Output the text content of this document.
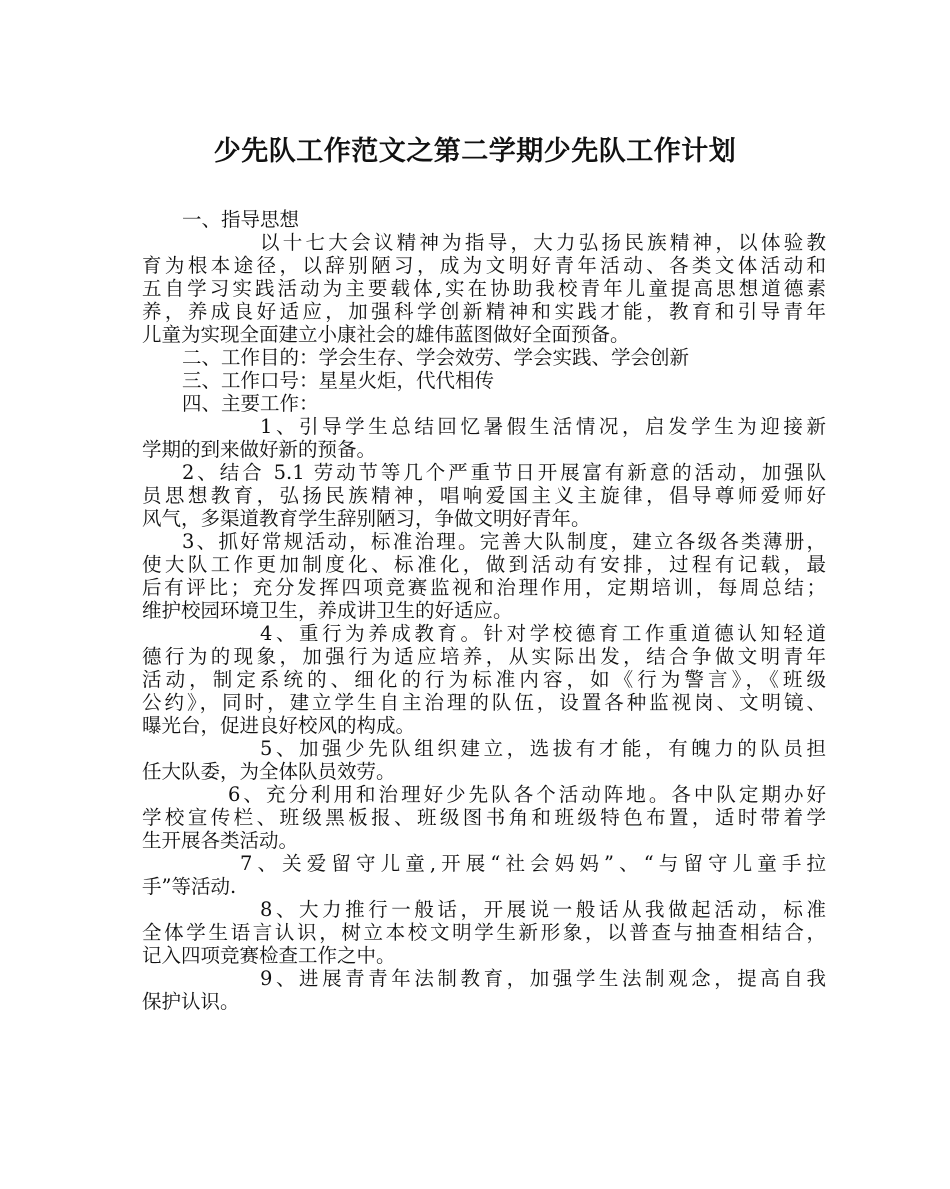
少先队工作范文之第二学期少先队工作计划
一、指导思想
以十七大会议精神为指导，大力弘扬民族精神，以体验教
育为根本途径，以辞别陋习，成为文明好青年活动、各类文体活动和
五自学习实践活动为主要载体,实在协助我校青年儿童提高思想道德素
养，养成良好适应，加强科学创新精神和实践才能，教育和引导青年
儿童为实现全面建立小康社会的雄伟蓝图做好全面预备。
二、工作目的：学会生存、学会效劳、学会实践、学会创新
三、工作口号：星星火炬，代代相传
四、主要工作：
1、引导学生总结回忆暑假生活情况，启发学生为迎接新
学期的到来做好新的预备。
2、结合 5.1 劳动节等几个严重节日开展富有新意的活动，加强队
员思想教育，弘扬民族精神，唱响爱国主义主旋律，倡导尊师爱师好
风气，多渠道教育学生辞别陋习，争做文明好青年。
3、抓好常规活动，标准治理。完善大队制度，建立各级各类薄册，
使大队工作更加制度化、标准化，做到活动有安排，过程有记载，最
后有评比；充分发挥四项竞赛监视和治理作用，定期培训，每周总结；
维护校园环境卫生，养成讲卫生的好适应。
4、重行为养成教育。针对学校德育工作重道德认知轻道
德行为的现象，加强行为适应培养，从实际出发，结合争做文明青年
活动，制定系统的、细化的行为标准内容，如《行为警言》，《班级
公约》，同时，建立学生自主治理的队伍，设置各种监视岗、文明镜、
曝光台，促进良好校风的构成。
5、加强少先队组织建立，选拔有才能，有魄力的队员担
任大队委，为全体队员效劳。
6、充分利用和治理好少先队各个活动阵地。各中队定期办好
学校宣传栏、班级黑板报、班级图书角和班级特色布置，适时带着学
生开展各类活动。
7、关爱留守儿童,开展“社会妈妈”、“与留守儿童手拉
手”等活动.
8、大力推行一般话，开展说一般话从我做起活动，标准
全体学生语言认识，树立本校文明学生新形象，以普查与抽查相结合，
记入四项竞赛检查工作之中。
9、进展青青年法制教育，加强学生法制观念，提高自我
保护认识。
